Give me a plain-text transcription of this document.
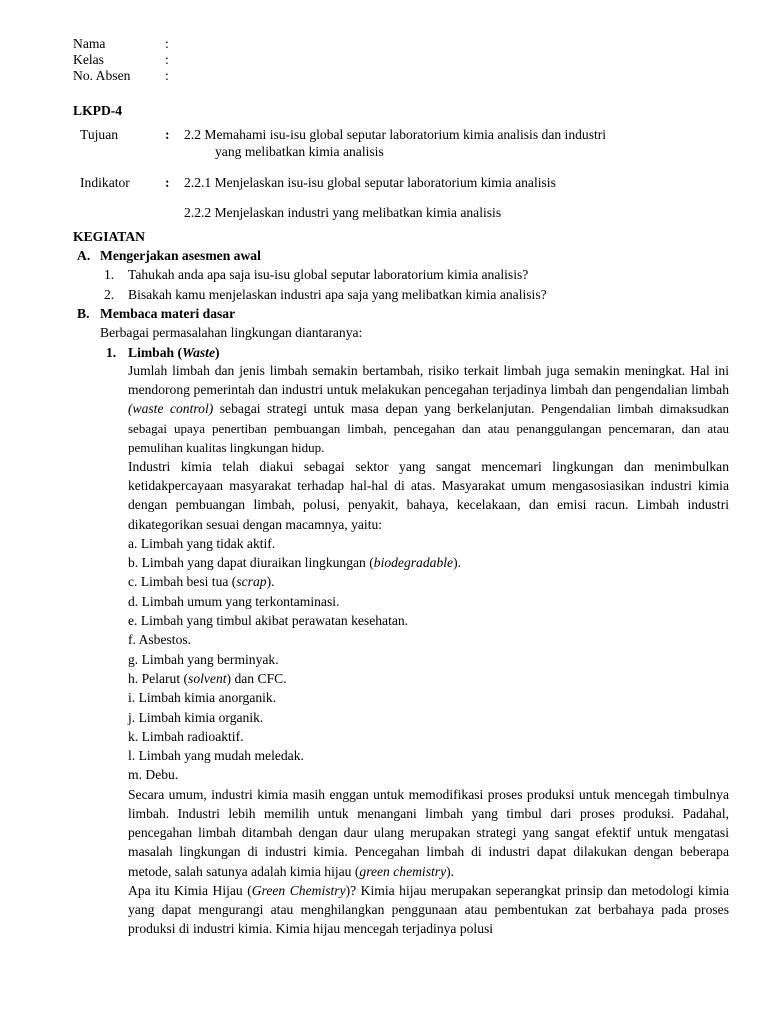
Nama	:
Kelas	:
No. Absen	:
LKPD-4
Tujuan	: 2.2 Memahami isu-isu global seputar laboratorium kimia analisis dan industri
yang melibatkan kimia analisis
Indikator	: 2.2.1 Menjelaskan isu-isu global seputar laboratorium kimia analisis
2.2.2 Menjelaskan industri yang melibatkan kimia analisis
KEGIATAN
A. Mengerjakan asesmen awal
1. Tahukah anda apa saja isu-isu global seputar laboratorium kimia analisis?
2. Bisakah kamu menjelaskan industri apa saja yang melibatkan kimia analisis?
B. Membaca materi dasar
Berbagai permasalahan lingkungan diantaranya:
1. Limbah (Waste)

Jumlah limbah dan jenis limbah semakin bertambah, risiko terkait limbah juga semakin meningkat. Hal ini mendorong pemerintah dan industri untuk melakukan pencegahan terjadinya limbah dan pengendalian limbah (waste control) sebagai strategi untuk masa depan yang berkelanjutan. Pengendalian limbah dimaksudkan sebagai upaya penertiban pembuangan limbah, pencegahan dan atau penanggulangan pencemaran, dan atau pemulihan kualitas lingkungan hidup.

Industri kimia telah diakui sebagai sektor yang sangat mencemari lingkungan dan menimbulkan ketidakpercayaan masyarakat terhadap hal-hal di atas. Masyarakat umum mengasosiasikan industri kimia dengan pembuangan limbah, polusi, penyakit, bahaya, kecelakaan, dan emisi racun. Limbah industri dikategorikan sesuai dengan macamnya, yaitu:

a. Limbah yang tidak aktif.
b. Limbah yang dapat diuraikan lingkungan (biodegradable).
c. Limbah besi tua (scrap).
d. Limbah umum yang terkontaminasi.
e. Limbah yang timbul akibat perawatan kesehatan.
f. Asbestos.
g. Limbah yang berminyak.
h. Pelarut (solvent) dan CFC.
i. Limbah kimia anorganik.
j. Limbah kimia organik.
k. Limbah radioaktif.
l. Limbah yang mudah meledak.
m. Debu.

Secara umum, industri kimia masih enggan untuk memodifikasi proses produksi untuk mencegah timbulnya limbah. Industri lebih memilih untuk menangani limbah yang timbul dari proses produksi. Padahal, pencegahan limbah ditambah dengan daur ulang merupakan strategi yang sangat efektif untuk mengatasi masalah lingkungan di industri kimia. Pencegahan limbah di industri dapat dilakukan dengan beberapa metode, salah satunya adalah kimia hijau (green chemistry).

Apa itu Kimia Hijau (Green Chemistry)? Kimia hijau merupakan seperangkat prinsip dan metodologi kimia yang dapat mengurangi atau menghilangkan penggunaan atau pembentukan zat berbahaya pada proses produksi di industri kimia. Kimia hijau mencegah terjadinya polusi
